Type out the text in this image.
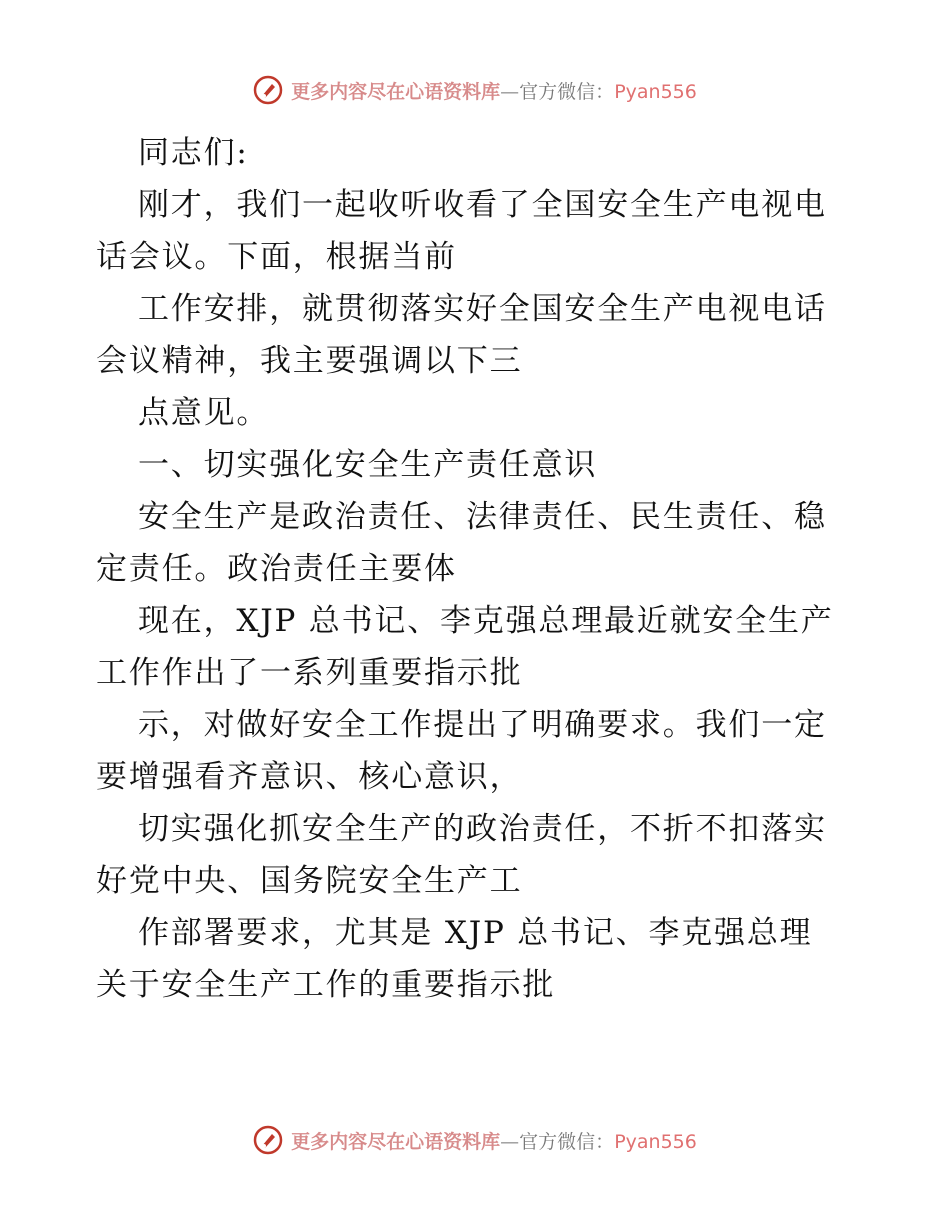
更多内容尽在心语资料库—官方微信：Pyan556
同志们:
刚才，我们一起收听收看了全国安全生产电视电
话会议。下面，根据当前
工作安排，就贯彻落实好全国安全生产电视电话
会议精神，我主要强调以下三
点意见。
一、切实强化安全生产责任意识
安全生产是政治责任、法律责任、民生责任、稳
定责任。政治责任主要体
现在，XJP 总书记、李克强总理最近就安全生产
工作作出了一系列重要指示批
示，对做好安全工作提出了明确要求。我们一定
要增强看齐意识、核心意识，
切实强化抓安全生产的政治责任，不折不扣落实
好党中央、国务院安全生产工
作部署要求，尤其是 XJP 总书记、李克强总理
关于安全生产工作的重要指示批
更多内容尽在心语资料库—官方微信：Pyan556
